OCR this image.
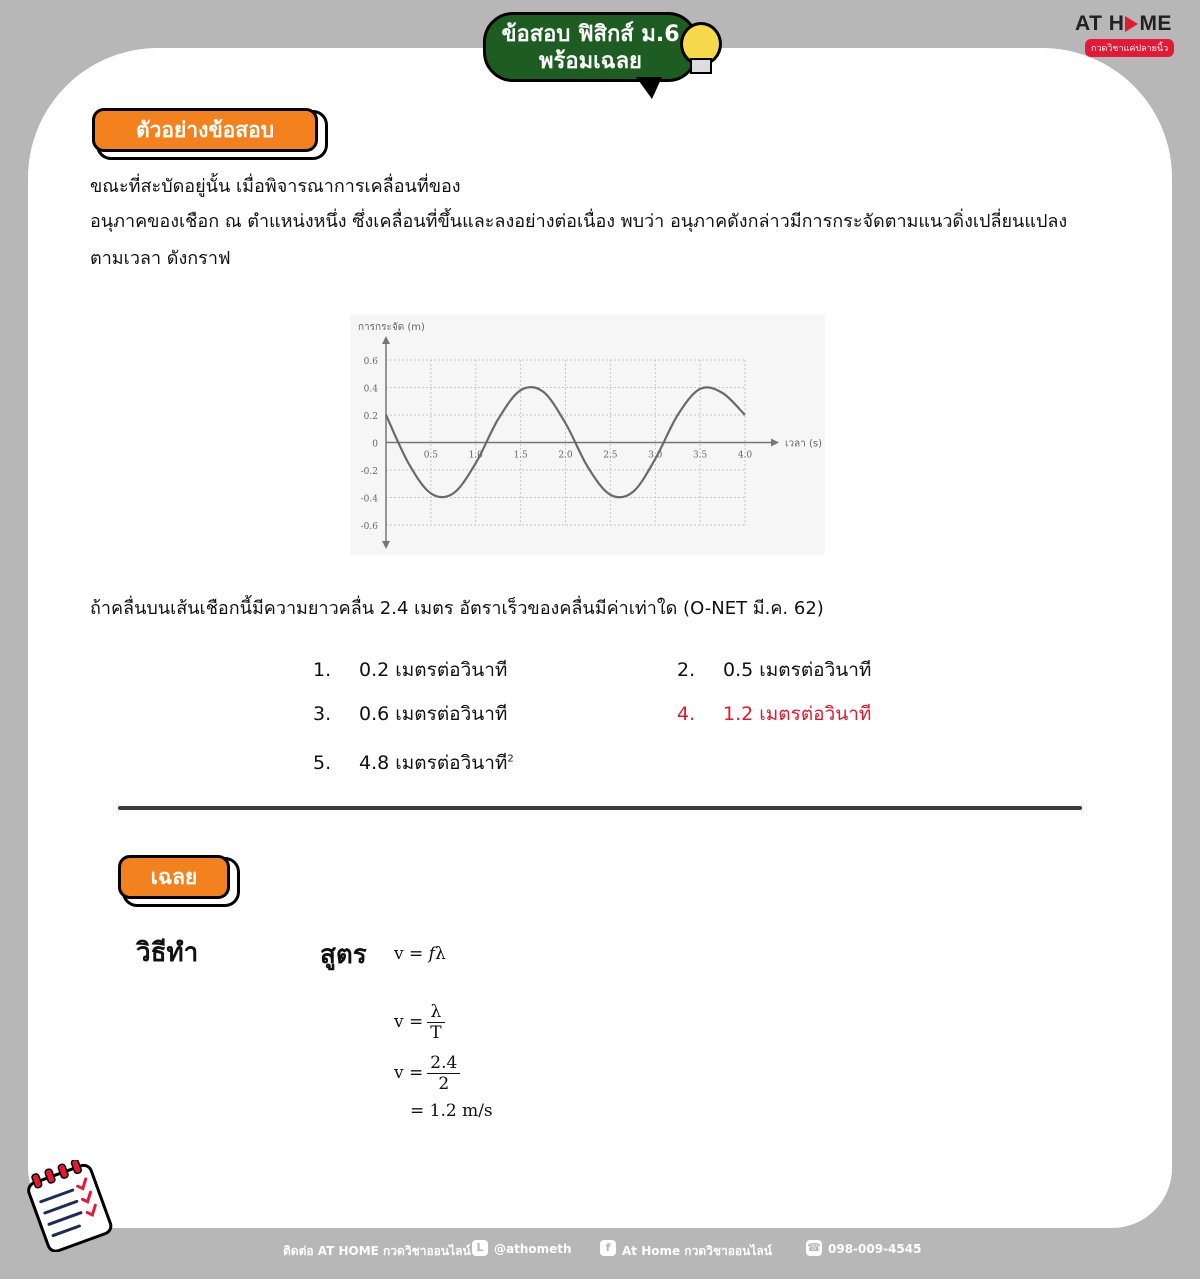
ข้อสอบ ฟิสิกส์ ม.6
พร้อมเฉลย
AT H ME
กวดวิชาแค่ปลายนิ้ว
ตัวอย่างข้อสอบ
ขณะที่สะบัดอยู่นั้น เมื่อพิจารณาการเคลื่อนที่ของ
อนุภาคของเชือก ณ ตำแหน่งหนึ่ง ซึ่งเคลื่อนที่ขึ้นและลงอย่างต่อเนื่อง พบว่า อนุภาคดังกล่าวมีการกระจัดตามแนวดิ่งเปลี่ยนแปลง
ตามเวลา ดังกราฟ
0.6
0.4
0.2
0
-0.2
-0.4
-0.6
0.5	1.0	1.5	2.0	2.5	3.0	3.5	4.0
การกระจัด (m)
เวลา (s)
ถ้าคลื่นบนเส้นเชือกนี้มีความยาวคลื่น 2.4 เมตร อัตราเร็วของคลื่นมีค่าเท่าใด (O-NET มี.ค. 62)
1. 0.2 เมตรต่อวินาที	2. 0.5 เมตรต่อวินาที
3. 0.6 เมตรต่อวินาที	4. 1.2 เมตรต่อวินาที
5. 4.8 เมตรต่อวินาที$^2$
เฉลย
วิธีทำ	สูตร v = 𝑓λ
$v = \frac{\lambda}{T}$
$v = \frac{2.4}{2}$
= 1.2 m/s
ติดต่อ AT HOME กวดวิชาออนไลน์ L @athometh	f At Home กวดวิชาออนไลน์	☎ 098-009-4545
